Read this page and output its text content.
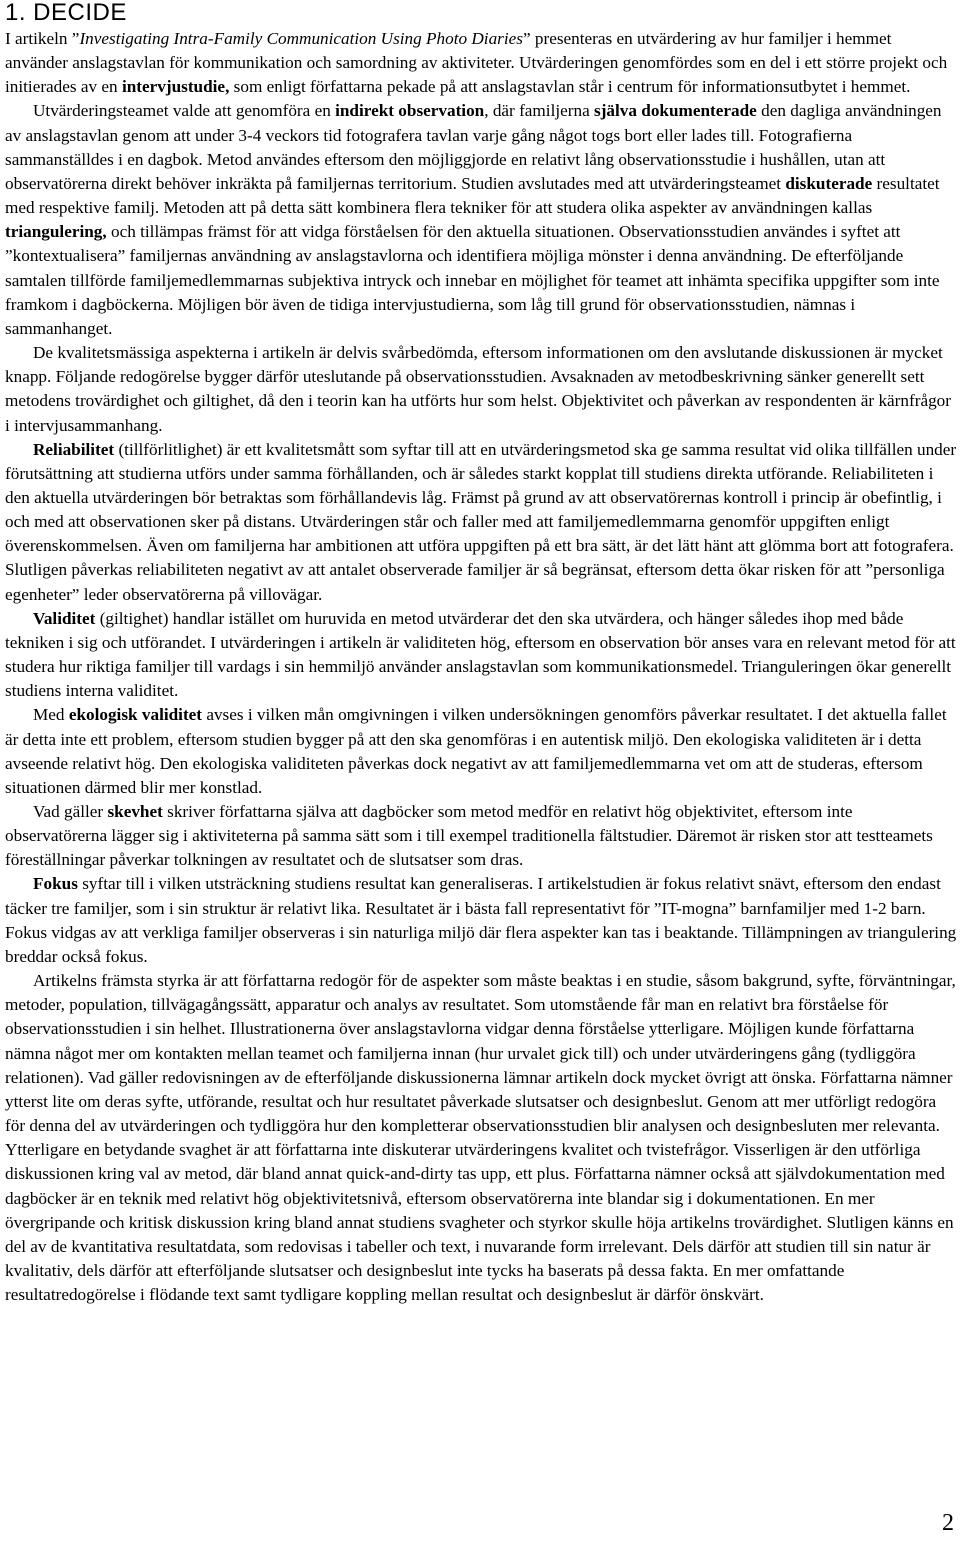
1. DECIDE

I artikeln ”Investigating Intra-Family Communication Using Photo Diaries” presenteras en utvärdering av hur familjer i hemmet använder anslagstavlan för kommunikation och samordning av aktiviteter. Utvärderingen genomfördes som en del i ett större projekt och initierades av en intervjustudie, som enligt författarna pekade på att anslagstavlan står i centrum för informationsutbytet i hemmet.

Utvärderingsteamet valde att genomföra en indirekt observation, där familjerna själva dokumenterade den dagliga användningen av anslagstavlan genom att under 3-4 veckors tid fotografera tavlan varje gång något togs bort eller lades till. Fotografierna sammanställdes i en dagbok. Metod användes eftersom den möjliggjorde en relativt lång observationsstudie i hushållen, utan att observatörerna direkt behöver inkräkta på familjernas territorium. Studien avslutades med att utvärderingsteamet diskuterade resultatet med respektive familj. Metoden att på detta sätt kombinera flera tekniker för att studera olika aspekter av användningen kallas triangulering, och tillämpas främst för att vidga förståelsen för den aktuella situationen. Observationsstudien användes i syftet att ”kontextualisera” familjernas användning av anslagstavlorna och identifiera möjliga mönster i denna användning. De efterföljande samtalen tillförde familjemedlemmarnas subjektiva intryck och innebar en möjlighet för teamet att inhämta specifika uppgifter som inte framkom i dagböckerna. Möjligen bör även de tidiga intervjustudierna, som låg till grund för observationsstudien, nämnas i sammanhanget.

De kvalitetsmässiga aspekterna i artikeln är delvis svårbedömda, eftersom informationen om den avslutande diskussionen är mycket knapp. Följande redogörelse bygger därför uteslutande på observationsstudien. Avsaknaden av metodbeskrivning sänker generellt sett metodens trovärdighet och giltighet, då den i teorin kan ha utförts hur som helst. Objektivitet och påverkan av respondenten är kärnfrågor i intervjusammanhang.

Reliabilitet (tillförlitlighet) är ett kvalitetsmått som syftar till att en utvärderingsmetod ska ge samma resultat vid olika tillfällen under förutsättning att studierna utförs under samma förhållanden, och är således starkt kopplat till studiens direkta utförande. Reliabiliteten i den aktuella utvärderingen bör betraktas som förhållandevis låg. Främst på grund av att observatörernas kontroll i princip är obefintlig, i och med att observationen sker på distans. Utvärderingen står och faller med att familjemedlemmarna genomför uppgiften enligt överenskommelsen. Även om familjerna har ambitionen att utföra uppgiften på ett bra sätt, är det lätt hänt att glömma bort att fotografera. Slutligen påverkas reliabiliteten negativt av att antalet observerade familjer är så begränsat, eftersom detta ökar risken för att ”personliga egenheter” leder observatörerna på villovägar.

Validitet (giltighet) handlar istället om huruvida en metod utvärderar det den ska utvärdera, och hänger således ihop med både tekniken i sig och utförandet. I utvärderingen i artikeln är validiteten hög, eftersom en observation bör anses vara en relevant metod för att studera hur riktiga familjer till vardags i sin hemmiljö använder anslagstavlan som kommunikationsmedel. Trianguleringen ökar generellt studiens interna validitet.

Med ekologisk validitet avses i vilken mån omgivningen i vilken undersökningen genomförs påverkar resultatet. I det aktuella fallet är detta inte ett problem, eftersom studien bygger på att den ska genomföras i en autentisk miljö. Den ekologiska validiteten är i detta avseende relativt hög. Den ekologiska validiteten påverkas dock negativt av att familjemedlemmarna vet om att de studeras, eftersom situationen därmed blir mer konstlad.

Vad gäller skevhet skriver författarna själva att dagböcker som metod medför en relativt hög objektivitet, eftersom inte observatörerna lägger sig i aktiviteterna på samma sätt som i till exempel traditionella fältstudier. Däremot är risken stor att testteamets föreställningar påverkar tolkningen av resultatet och de slutsatser som dras.

Fokus syftar till i vilken utsträckning studiens resultat kan generaliseras. I artikelstudien är fokus relativt snävt, eftersom den endast täcker tre familjer, som i sin struktur är relativt lika. Resultatet är i bästa fall representativt för ”IT-mogna” barnfamiljer med 1-2 barn. Fokus vidgas av att verkliga familjer observeras i sin naturliga miljö där flera aspekter kan tas i beaktande. Tillämpningen av triangulering breddar också fokus.

Artikelns främsta styrka är att författarna redogör för de aspekter som måste beaktas i en studie, såsom bakgrund, syfte, förväntningar, metoder, population, tillvägagångssätt, apparatur och analys av resultatet. Som utomstående får man en relativt bra förståelse för observationsstudien i sin helhet. Illustrationerna över anslagstavlorna vidgar denna förståelse ytterligare. Möjligen kunde författarna nämna något mer om kontakten mellan teamet och familjerna innan (hur urvalet gick till) och under utvärderingens gång (tydliggöra relationen). Vad gäller redovisningen av de efterföljande diskussionerna lämnar artikeln dock mycket övrigt att önska. Författarna nämner ytterst lite om deras syfte, utförande, resultat och hur resultatet påverkade slutsatser och designbeslut. Genom att mer utförligt redogöra för denna del av utvärderingen och tydliggöra hur den kompletterar observationsstudien blir analysen och designbesluten mer relevanta. Ytterligare en betydande svaghet är att författarna inte diskuterar utvärderingens kvalitet och tvistefrågor. Visserligen är den utförliga diskussionen kring val av metod, där bland annat quick-and-dirty tas upp, ett plus. Författarna nämner också att självdokumentation med dagböcker är en teknik med relativt hög objektivitetsnivå, eftersom observatörerna inte blandar sig i dokumentationen. En mer övergripande och kritisk diskussion kring bland annat studiens svagheter och styrkor skulle höja artikelns trovärdighet. Slutligen känns en del av de kvantitativa resultatdata, som redovisas i tabeller och text, i nuvarande form irrelevant. Dels därför att studien till sin natur är kvalitativ, dels därför att efterföljande slutsatser och designbeslut inte tycks ha baserats på dessa fakta. En mer omfattande resultatredogörelse i flödande text samt tydligare koppling mellan resultat och designbeslut är därför önskvärt.

2
